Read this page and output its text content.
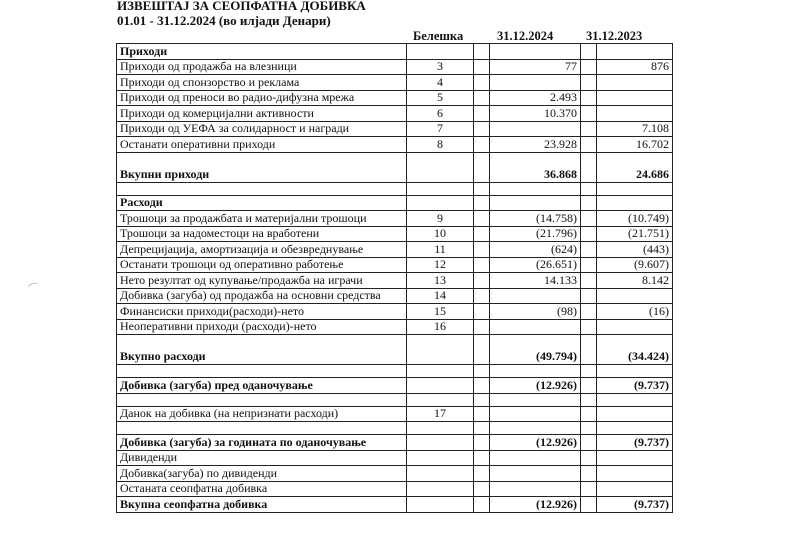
ИЗВЕШТАЈ ЗА СЕОПФАТНА ДОБИВКА
01.01 - 31.12.2024 (во илјади Денари)
Белешка	31.12.2024	31.12.2023
Приходи					
Приходи од продажба на влезници	3		77		876
Приходи од спонзорство и реклама	4				
Приходи од преноси во радио-дифузна мрежа	5		2.493		
Приходи од комерцијални активности	6		10.370		
Приходи од УЕФА за солидарност и награди	7				7.108
Останати оперативни приходи	8		23.928		16.702
Вкупни приходи			36.868		24.686

Расходи					
Трошоци за продажбата и материјални трошоци	9		(14.758)		(10.749)
Трошоци за надоместоци на вработени	10		(21.796)		(21.751)
Депрецијација, амортизација и обезвреднување	11		(624)		(443)
Останати трошоци од оперативно работење	12		(26.651)		(9.607)
Нето резултат од купување/продажба на играчи	13		14.133		8.142
Добивка (загуба) од продажба на основни средства	14				
Финансиски приходи(расходи)-нето	15		(98)		(16)
Неоперативни приходи (расходи)-нето	16				
Вкупно расходи			(49.794)		(34.424)

Добивка (загуба) пред оданочување			(12.926)		(9.737)

Данок на добивка (на непризнати расходи)	17				

Добивка (загуба) за годината по оданочување			(12.926)		(9.737)
Дивиденди					
Добивка(загуба) по дивиденди					
Останата сеопфатна добивка					
Вкупна сеопфатна добивка			(12.926)		(9.737)
